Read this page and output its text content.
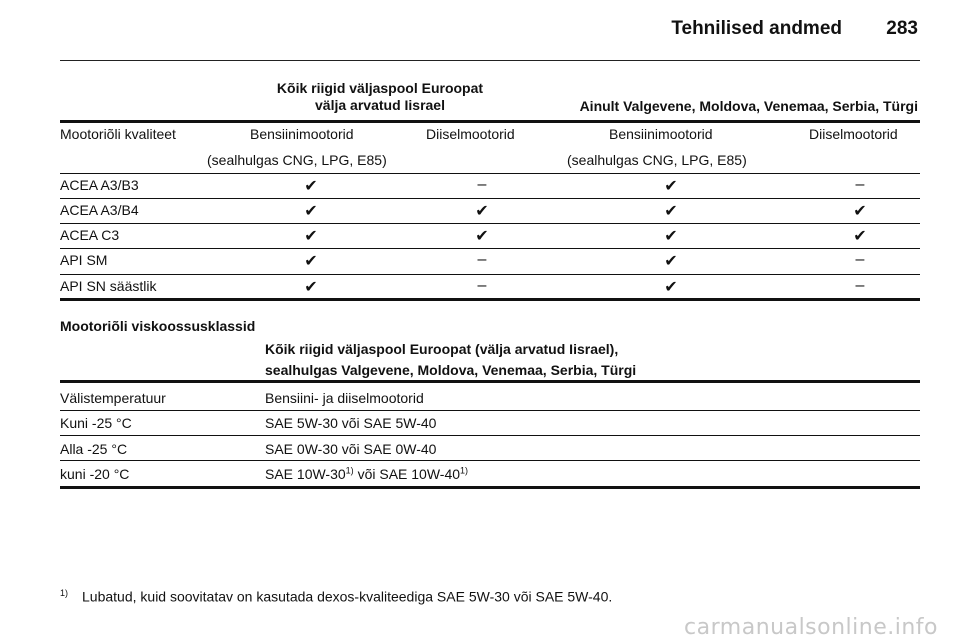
Tehnilised andmed 283
Kõik riigid väljaspool Euroopat
välja arvatud Iisrael	Ainult Valgevene, Moldova, Venemaa, Serbia, Türgi
Mootoriõli kvaliteet	Bensiinimootorid	Diiselmootorid	Bensiinimootorid	Diiselmootorid
(sealhulgas CNG, LPG, E85)	(sealhulgas CNG, LPG, E85)
ACEA A3/B3	✔	–	✔	–
ACEA A3/B4	✔	✔	✔	✔
ACEA C3	✔	✔	✔	✔
API SM	✔	–	✔	–
API SN säästlik	✔	–	✔	–
Mootoriõli viskoossusklassid
Kõik riigid väljaspool Euroopat (välja arvatud Iisrael),
sealhulgas Valgevene, Moldova, Venemaa, Serbia, Türgi
Välistemperatuur	Bensiini- ja diiselmootorid
Kuni -25 °C	SAE 5W-30 või SAE 5W-40
Alla -25 °C	SAE 0W-30 või SAE 0W-40
kuni -20 °C	SAE 10W-30$^{1)}$ või SAE 10W-40$^{1)}$
$^{1)}$ Lubatud, kuid soovitatav on kasutada dexos-kvaliteediga SAE 5W-30 või SAE 5W-40.
carmanualsonline.info
